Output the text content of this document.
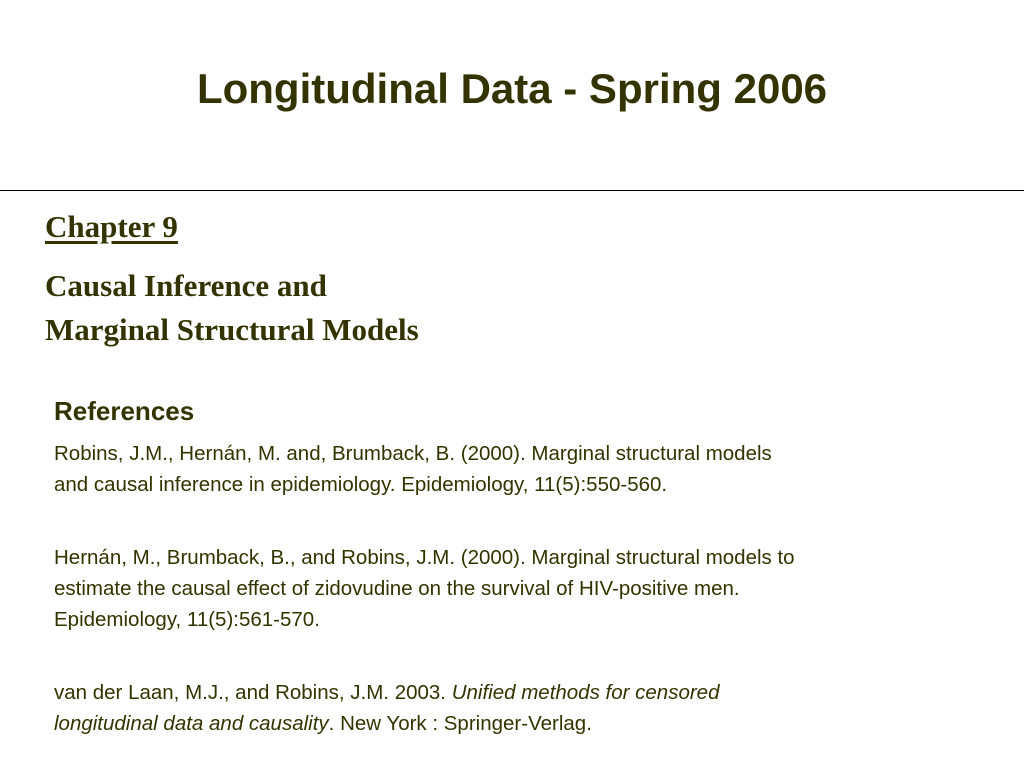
Longitudinal Data - Spring 2006
Chapter 9
Causal Inference and
Marginal Structural Models
References

Robins, J.M., Hernán, M. and, Brumback, B. (2000). Marginal structural models
and causal inference in epidemiology. Epidemiology, 11(5):550-560.

Hernán, M., Brumback, B., and Robins, J.M. (2000). Marginal structural models to
estimate the causal effect of zidovudine on the survival of HIV-positive men.
Epidemiology, 11(5):561-570.

van der Laan, M.J., and Robins, J.M. 2003. Unified methods for censored
longitudinal data and causality. New York : Springer-Verlag.
